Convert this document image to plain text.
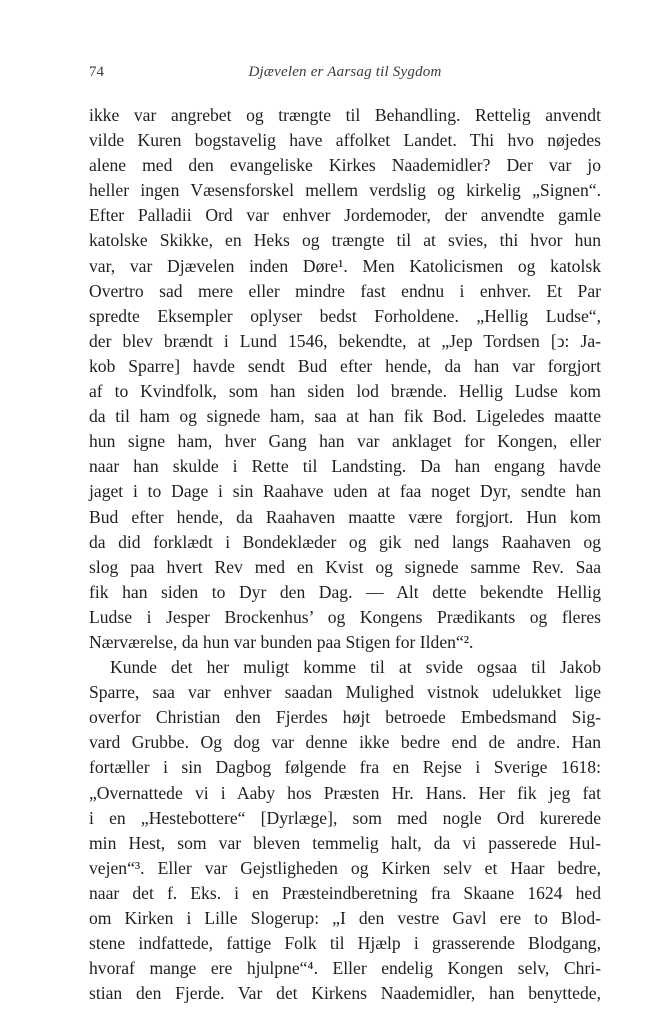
74	Djævelen er Aarsag til Sygdom
ikke var angrebet og trængte til Behandling. Rettelig anvendt
vilde Kuren bogstavelig have affolket Landet. Thi hvo nøjedes
alene med den evangeliske Kirkes Naademidler? Der var jo
heller ingen Væsensforskel mellem verdslig og kirkelig „Signen“.
Efter Palladii Ord var enhver Jordemoder, der anvendte gamle
katolske Skikke, en Heks og trængte til at svies, thi hvor hun
var, var Djævelen inden Døre¹. Men Katolicismen og katolsk
Overtro sad mere eller mindre fast endnu i enhver. Et Par
spredte Eksempler oplyser bedst Forholdene. „Hellig Ludse“,
der blev brændt i Lund 1546, bekendte, at „Jep Tordsen [ↄ: Ja-
kob Sparre] havde sendt Bud efter hende, da han var forgjort
af to Kvindfolk, som han siden lod brænde. Hellig Ludse kom
da til ham og signede ham, saa at han fik Bod. Ligeledes maatte
hun signe ham, hver Gang han var anklaget for Kongen, eller
naar han skulde i Rette til Landsting. Da han engang havde
jaget i to Dage i sin Raahave uden at faa noget Dyr, sendte han
Bud efter hende, da Raahaven maatte være forgjort. Hun kom
da did forklædt i Bondeklæder og gik ned langs Raahaven og
slog paa hvert Rev med en Kvist og signede samme Rev. Saa
fik han siden to Dyr den Dag. — Alt dette bekendte Hellig
Ludse i Jesper Brockenhus’ og Kongens Prædikants og fleres
Nærværelse, da hun var bunden paa Stigen for Ilden“².
Kunde det her muligt komme til at svide ogsaa til Jakob
Sparre, saa var enhver saadan Mulighed vistnok udelukket lige
overfor Christian den Fjerdes højt betroede Embedsmand Sig-
vard Grubbe. Og dog var denne ikke bedre end de andre. Han
fortæller i sin Dagbog følgende fra en Rejse i Sverige 1618:
„Overnattede vi i Aaby hos Præsten Hr. Hans. Her fik jeg fat
i en „Hestebottere“ [Dyrlæge], som med nogle Ord kurerede
min Hest, som var bleven temmelig halt, da vi passerede Hul-
vejen“³. Eller var Gejstligheden og Kirken selv et Haar bedre,
naar det f. Eks. i en Præsteindberetning fra Skaane 1624 hed
om Kirken i Lille Slogerup: „I den vestre Gavl ere to Blod-
stene indfattede, fattige Folk til Hjælp i grasserende Blodgang,
hvoraf mange ere hjulpne“⁴. Eller endelig Kongen selv, Chri-
stian den Fjerde. Var det Kirkens Naademidler, han benyttede,
